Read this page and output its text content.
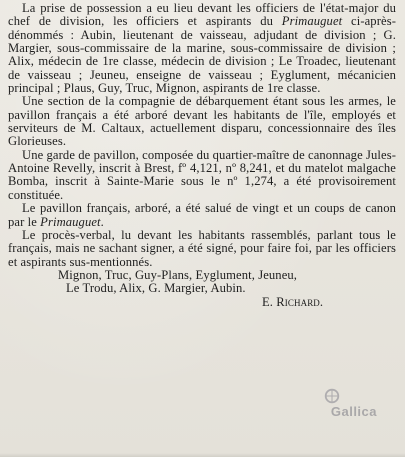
La prise de possession a eu lieu devant les officiers de l'état-major du chef de division, les officiers et aspirants du Primauguet ci-après-dénommés : Aubin, lieutenant de vaisseau, adjudant de division ; G. Margier, sous-commissaire de la marine, sous-commissaire de division ; Alix, médecin de 1re classe, médecin de division ; Le Troadec, lieutenant de vaisseau ; Jeuneu, enseigne de vaisseau ; Eyglument, mécanicien principal ; Plaus, Guy, Truc, Mignon, aspirants de 1re classe.

Une section de la compagnie de débarquement étant sous les armes, le pavillon français a été arboré devant les habitants de l'île, employés et serviteurs de M. Caltaux, actuellement disparu, concessionnaire des îles Glorieuses.

Une garde de pavillon, composée du quartier-maître de canonnage Jules-Antoine Revelly, inscrit à Brest, fº 4,121, nº 8,241, et du matelot malgache Bomba, inscrit à Sainte-Marie sous le nº 1,274, a été provisoirement constituée.

Le pavillon français, arboré, a été salué de vingt et un coups de canon par le Primauguet.

Le procès-verbal, lu devant les habitants rassemblés, parlant tous le français, mais ne sachant signer, a été signé, pour faire foi, par les officiers et aspirants sus-mentionnés.

Mignon, Truc, Guy-Plans, Eyglument, Jeuneu,
Le Trodu, Alix, G. Margier, Aubin.
E. Richard.
Gallica
